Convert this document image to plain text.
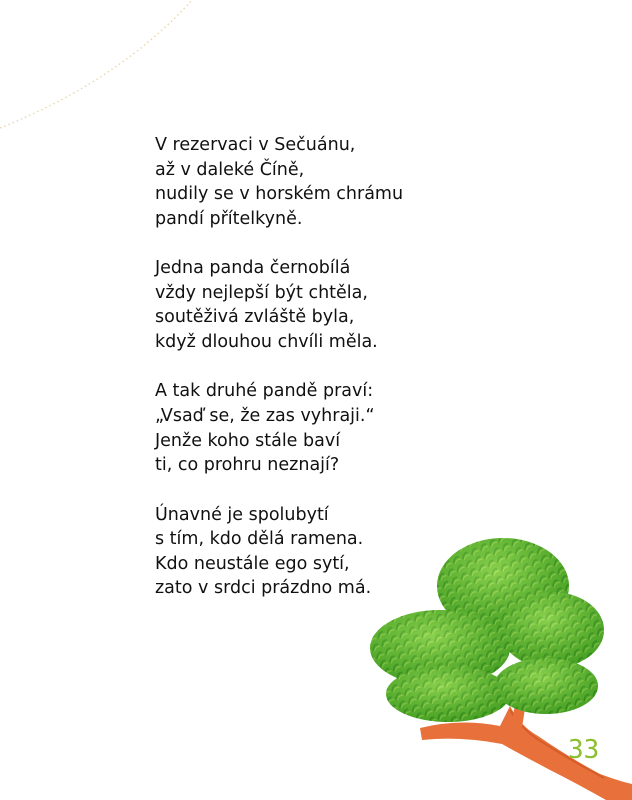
V rezervaci v Sečuánu,
až v daleké Číně,
nudily se v horském chrámu
pandí přítelkyně.
Jedna panda černobílá
vždy nejlepší být chtěla,
soutěživá zvláště byla,
když dlouhou chvíli měla.
A tak druhé pandě praví:
„Vsaď se, že zas vyhraji.“
Jenže koho stále baví
ti, co prohru neznají?
Únavné je spolubytí
s tím, kdo dělá ramena.
Kdo neustále ego sytí,
zato v srdci prázdno má.
33
